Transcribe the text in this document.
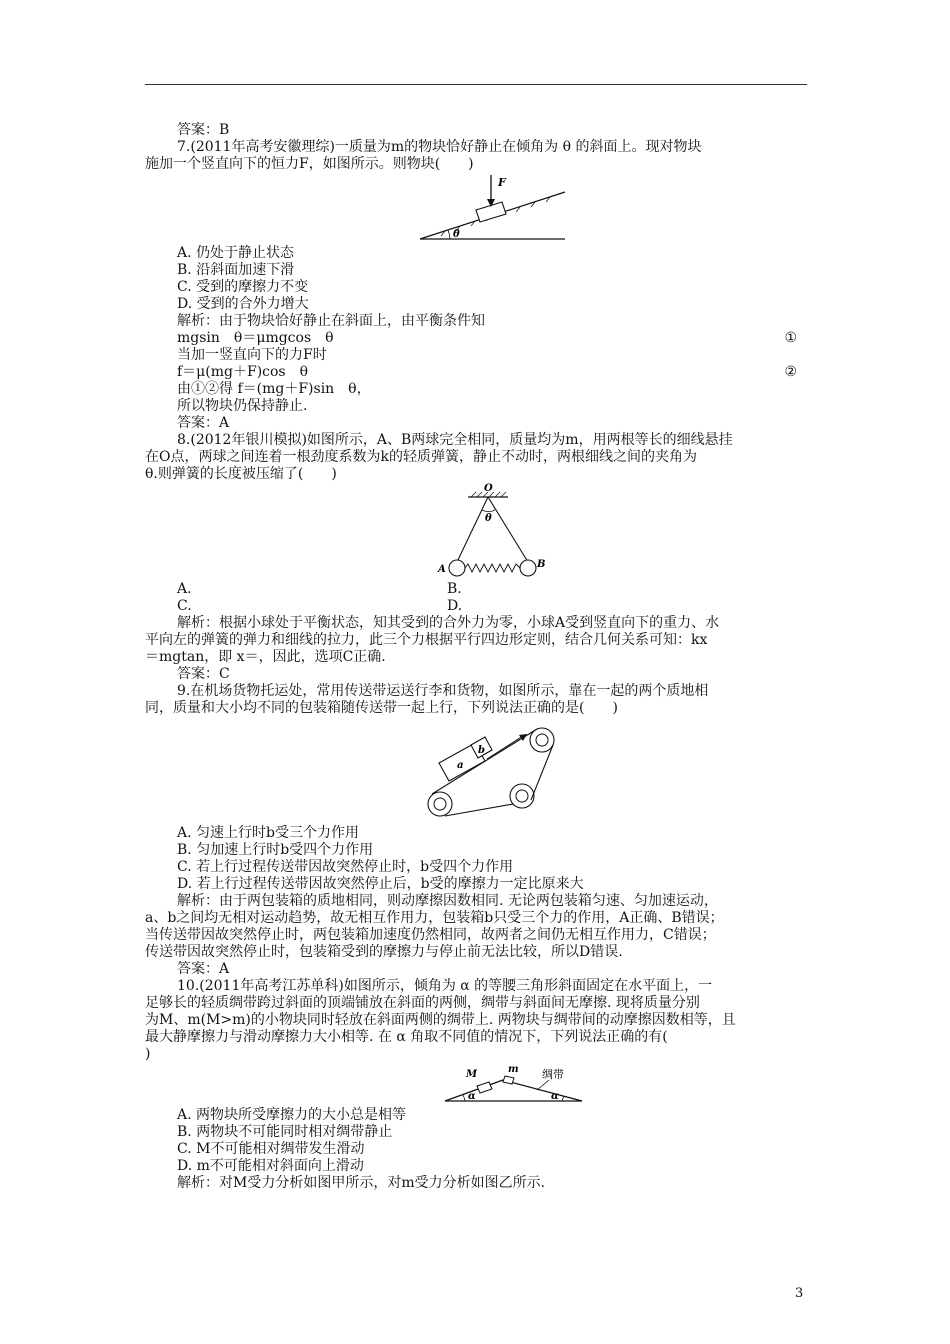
答案：B
7.(2011年高考安徽理综)一质量为m的物块恰好静止在倾角为 θ 的斜面上。现对物块
施加一个竖直向下的恒力F，如图所示。则物块(　　)
F
θ
A. 仍处于静止状态
B. 沿斜面加速下滑
C. 受到的摩擦力不变
D. 受到的合外力增大
解析：由于物块恰好静止在斜面上，由平衡条件知
mgsin　θ＝μmgcos　θ	①
当加一竖直向下的力F时
f＝μ(mg＋F)cos　θ	②
由①②得 f＝(mg＋F)sin　θ，
所以物块仍保持静止.
答案：A
8.(2012年银川模拟)如图所示，A、B两球完全相同，质量均为m，用两根等长的细线悬挂
在O点，两球之间连着一根劲度系数为k的轻质弹簧，静止不动时，两根细线之间的夹角为
θ.则弹簧的长度被压缩了(　　)
O
θ
A	B
A.	B.
C.	D.
解析：根据小球处于平衡状态，知其受到的合外力为零，小球A受到竖直向下的重力、水
平向左的弹簧的弹力和细线的拉力，此三个力根据平行四边形定则，结合几何关系可知：kx
＝mgtan，即 x＝，因此，选项C正确.
答案：C
9.在机场货物托运处，常用传送带运送行李和货物，如图所示，靠在一起的两个质地相
同，质量和大小均不同的包装箱随传送带一起上行，下列说法正确的是(　　)
a
b
A. 匀速上行时b受三个力作用
B. 匀加速上行时b受四个力作用
C. 若上行过程传送带因故突然停止时，b受四个力作用
D. 若上行过程传送带因故突然停止后，b受的摩擦力一定比原来大
解析：由于两包装箱的质地相同，则动摩擦因数相同. 无论两包装箱匀速、匀加速运动，
a、b之间均无相对运动趋势，故无相互作用力，包装箱b只受三个力的作用，A正确、B错误；
当传送带因故突然停止时，两包装箱加速度仍然相同，故两者之间仍无相互作用力，C错误；
传送带因故突然停止时，包装箱受到的摩擦力与停止前无法比较，所以D错误.
答案：A
10.(2011年高考江苏单科)如图所示，倾角为 α 的等腰三角形斜面固定在水平面上，一
足够长的轻质绸带跨过斜面的顶端铺放在斜面的两侧，绸带与斜面间无摩擦. 现将质量分别
为M、m(M>m)的小物块同时轻放在斜面两侧的绸带上. 两物块与绸带间的动摩擦因数相等，且
最大静摩擦力与滑动摩擦力大小相等. 在 α 角取不同值的情况下，下列说法正确的有(
)
M	m 绸带
α	α
A. 两物块所受摩擦力的大小总是相等
B. 两物块不可能同时相对绸带静止
C. M不可能相对绸带发生滑动
D. m不可能相对斜面向上滑动
解析：对M受力分析如图甲所示，对m受力分析如图乙所示.
3
